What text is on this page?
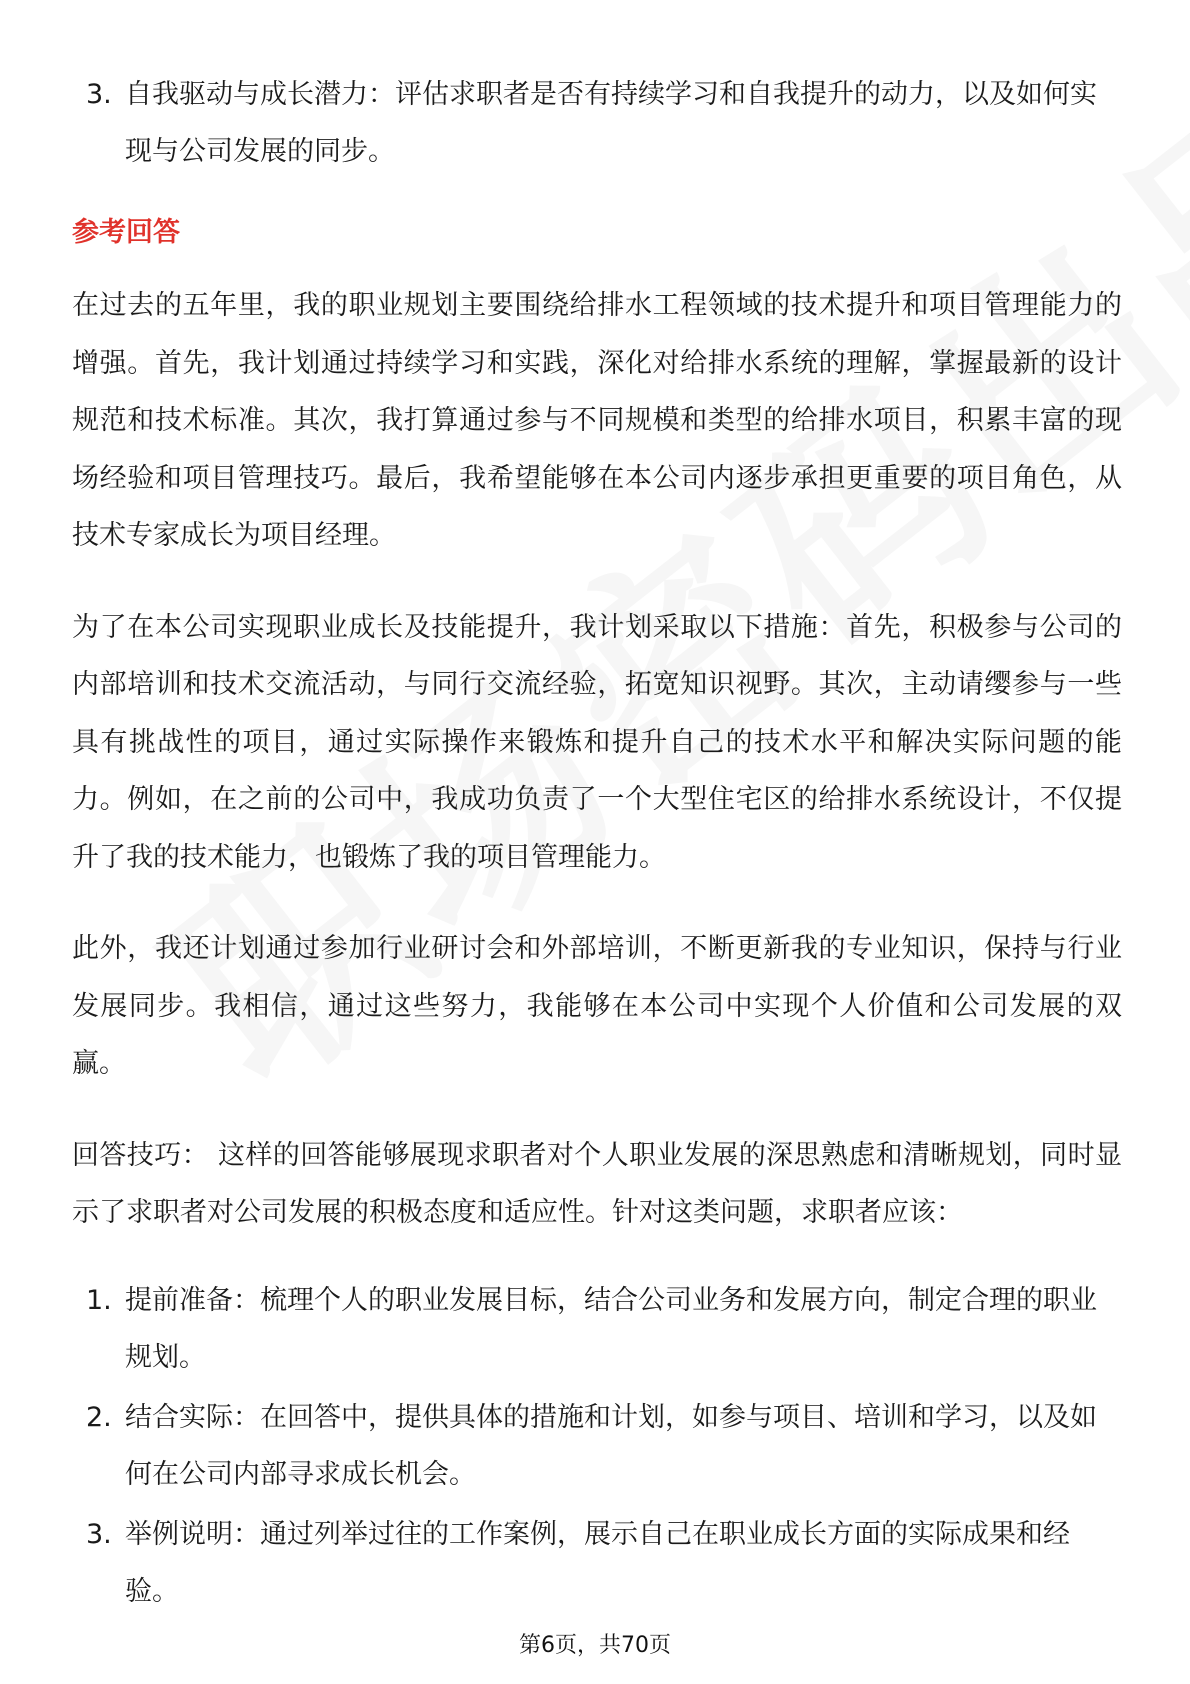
3. 自我驱动与成长潜力：评估求职者是否有持续学习和自我提升的动力，以及如何实现与公司发展的同步。
参考回答

在过去的五年里，我的职业规划主要围绕给排水工程领域的技术提升和项目管理能力的增强。首先，我计划通过持续学习和实践，深化对给排水系统的理解，掌握最新的设计规范和技术标准。其次，我打算通过参与不同规模和类型的给排水项目，积累丰富的现场经验和项目管理技巧。最后，我希望能够在本公司内逐步承担更重要的项目角色，从技术专家成长为项目经理。

为了在本公司实现职业成长及技能提升，我计划采取以下措施：首先，积极参与公司的内部培训和技术交流活动，与同行交流经验，拓宽知识视野。其次，主动请缨参与一些具有挑战性的项目，通过实际操作来锻炼和提升自己的技术水平和解决实际问题的能力。例如，在之前的公司中，我成功负责了一个大型住宅区的给排水系统设计，不仅提升了我的技术能力，也锻炼了我的项目管理能力。

此外，我还计划通过参加行业研讨会和外部培训，不断更新我的专业知识，保持与行业发展同步。我相信，通过这些努力，我能够在本公司中实现个人价值和公司发展的双赢。

回答技巧： 这样的回答能够展现求职者对个人职业发展的深思熟虑和清晰规划，同时显示了求职者对公司发展的积极态度和适应性。针对这类问题，求职者应该：

1. 提前准备：梳理个人的职业发展目标，结合公司业务和发展方向，制定合理的职业规划。
2. 结合实际：在回答中，提供具体的措施和计划，如参与项目、培训和学习，以及如何在公司内部寻求成长机会。
3. 举例说明：通过列举过往的工作案例，展示自己在职业成长方面的实际成果和经验。
第6页，共70页
